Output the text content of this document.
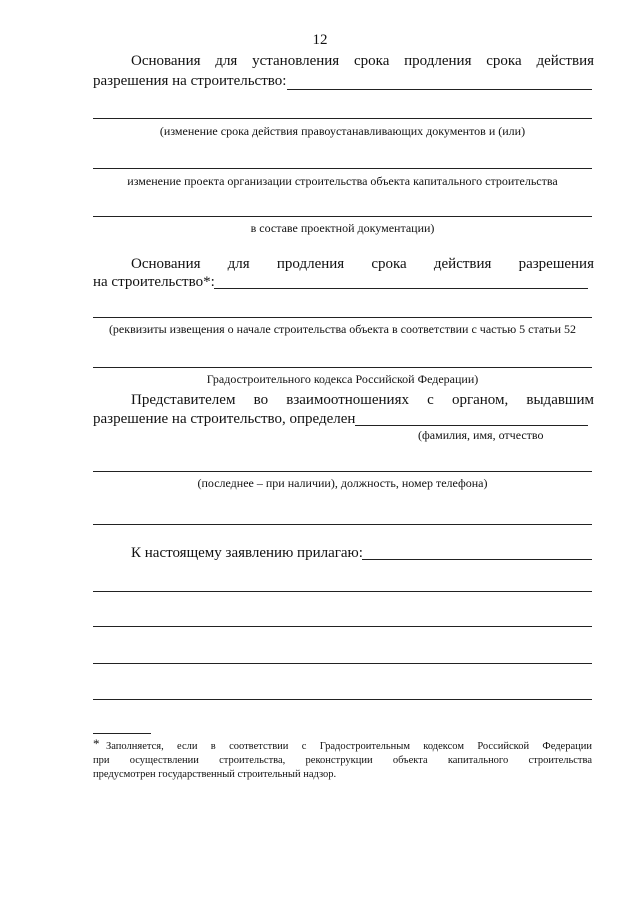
12
Основания для установления срока продления срока действия
разрешения на строительство:
(изменение срока действия правоустанавливающих документов и (или)
изменение проекта организации строительства объекта капитального строительства
в составе проектной документации)
Основания для продления срока действия разрешения
на строительство*:
(реквизиты извещения о начале строительства объекта в соответствии с частью 5 статьи 52
Градостроительного кодекса Российской Федерации)
Представителем во взаимоотношениях с органом, выдавшим
разрешение на строительство, определен
(фамилия, имя, отчество
(последнее – при наличии), должность, номер телефона)
К настоящему заявлению прилагаю:
* Заполняется, если в соответствии с Градостроительным кодексом Российской Федерации
при осуществлении строительства, реконструкции объекта капитального строительства
предусмотрен государственный строительный надзор.
